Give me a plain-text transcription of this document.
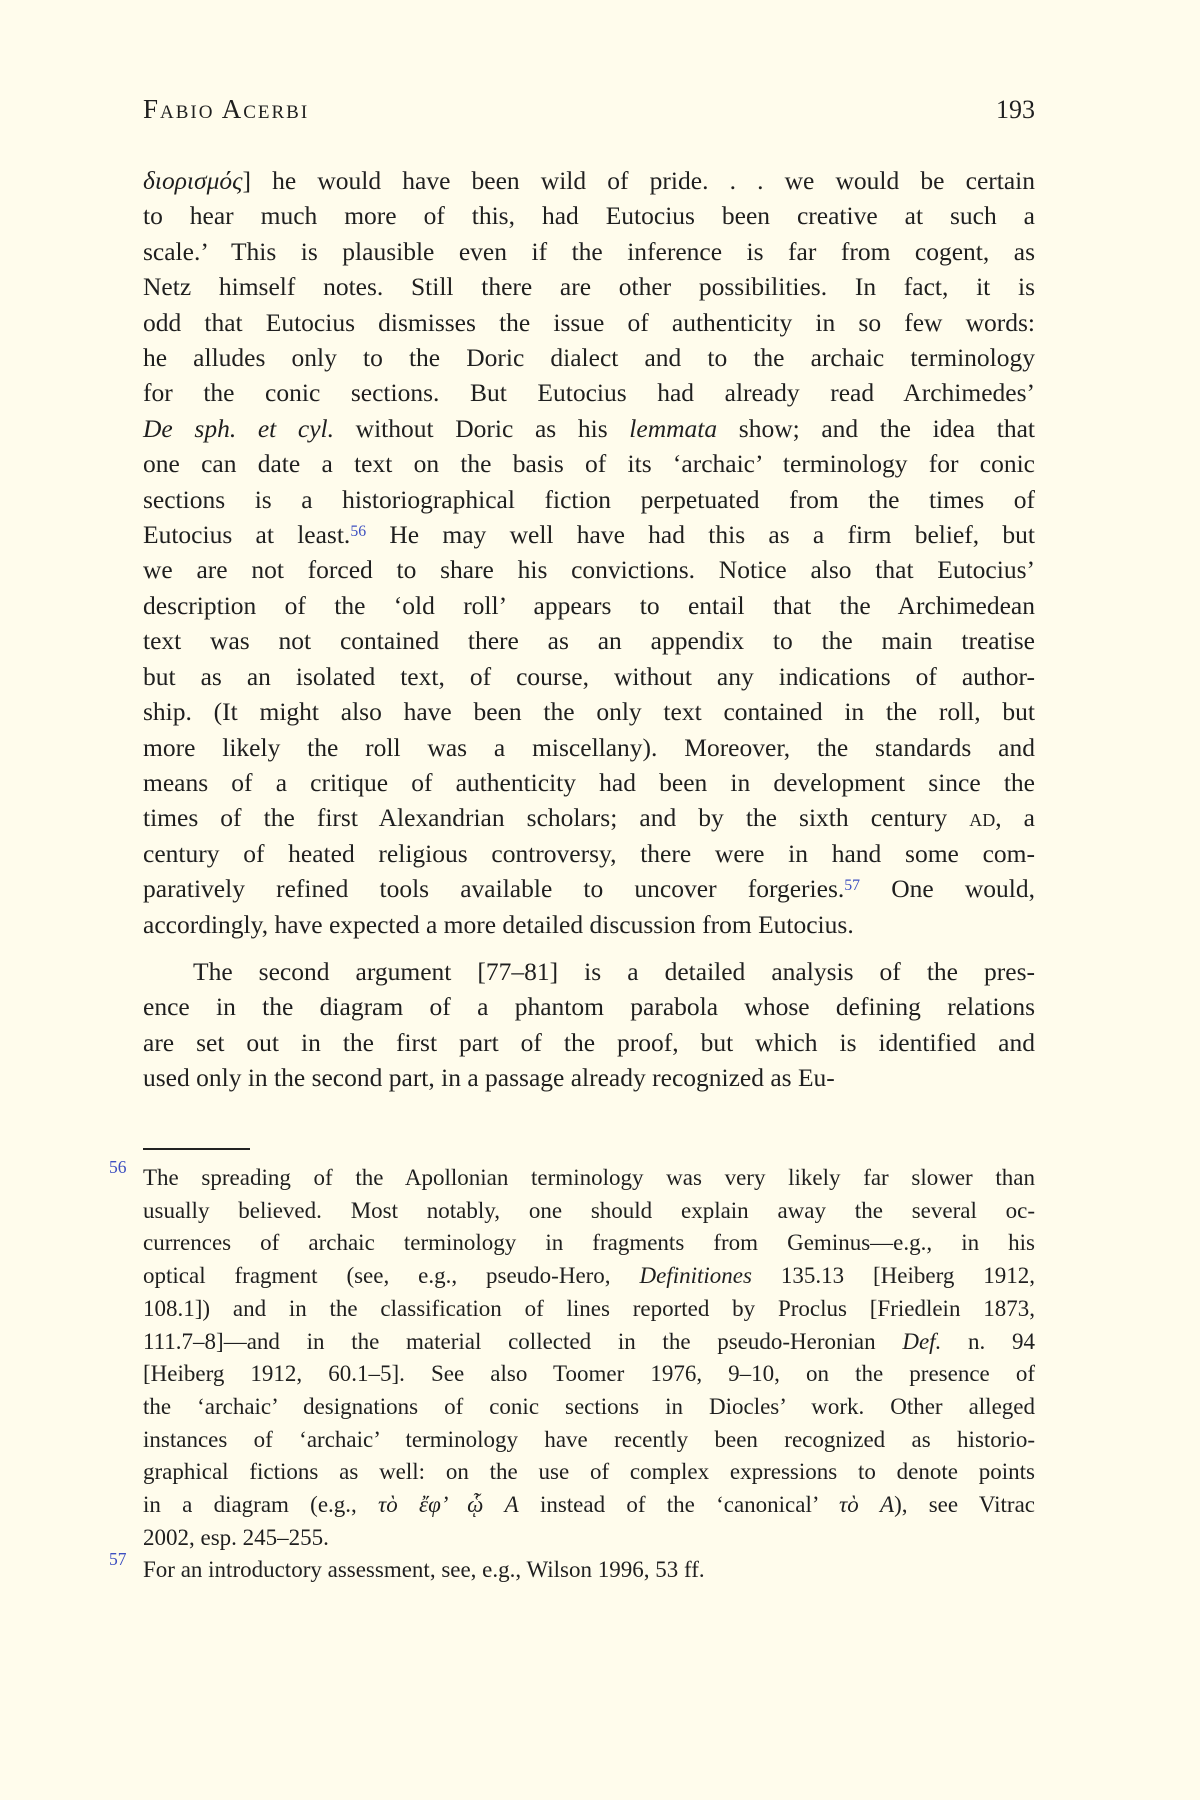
Fabio Acerbi	193
διορισμός] he would have been wild of pride. . . we would be certain
to hear much more of this, had Eutocius been creative at such a
scale.’ This is plausible even if the inference is far from cogent, as
Netz himself notes. Still there are other possibilities. In fact, it is
odd that Eutocius dismisses the issue of authenticity in so few words:
he alludes only to the Doric dialect and to the archaic terminology
for the conic sections. But Eutocius had already read Archimedes’
De sph. et cyl. without Doric as his lemmata show; and the idea that
one can date a text on the basis of its ‘archaic’ terminology for conic
sections is a historiographical fiction perpetuated from the times of
Eutocius at least.$^{56}$ He may well have had this as a firm belief, but
we are not forced to share his convictions. Notice also that Eutocius’
description of the ‘old roll’ appears to entail that the Archimedean
text was not contained there as an appendix to the main treatise
but as an isolated text, of course, without any indications of author-
ship. (It might also have been the only text contained in the roll, but
more likely the roll was a miscellany). Moreover, the standards and
means of a critique of authenticity had been in development since the
times of the first Alexandrian scholars; and by the sixth century ad, a
century of heated religious controversy, there were in hand some com-
paratively refined tools available to uncover forgeries.$^{57}$ One would,
accordingly, have expected a more detailed discussion from Eutocius.
The second argument [77–81] is a detailed analysis of the pres-
ence in the diagram of a phantom parabola whose defining relations
are set out in the first part of the proof, but which is identified and
used only in the second part, in a passage already recognized as Eu-
56 The spreading of the Apollonian terminology was very likely far slower than
usually believed. Most notably, one should explain away the several oc-
currences of archaic terminology in fragments from Geminus—e.g., in his
optical fragment (see, e.g., pseudo-Hero, Definitiones 135.13 [Heiberg 1912,
108.1]) and in the classification of lines reported by Proclus [Friedlein 1873,
111.7–8]—and in the material collected in the pseudo-Heronian Def. n. 94
[Heiberg 1912, 60.1–5]. See also Toomer 1976, 9–10, on the presence of
the ‘archaic’ designations of conic sections in Diocles’ work. Other alleged
instances of ‘archaic’ terminology have recently been recognized as historio-
graphical fictions as well: on the use of complex expressions to denote points
in a diagram (e.g., τὸ ἔφ’ ᾧ A instead of the ‘canonical’ τὸ A), see Vitrac
2002, esp. 245–255.
57 For an introductory assessment, see, e.g., Wilson 1996, 53 ff.
